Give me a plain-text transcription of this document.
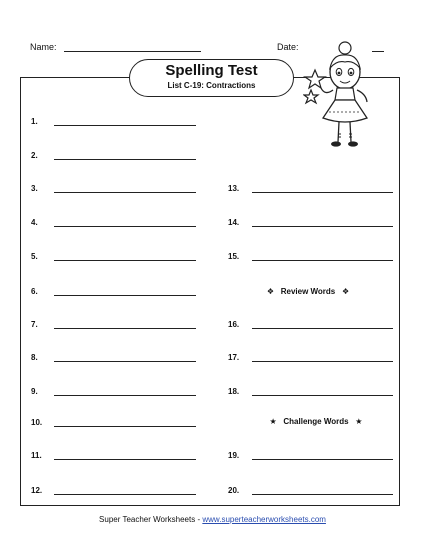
Name:	Date:
Spelling Test
List C-19: Contractions
1.
2.
3.
4.
5.
6.
7.
8.
9.
10.
11.
12.
13.
14.
15.
❖ Review Words ❖
16.
17.
18.
★ Challenge Words ★
19.
20.
Super Teacher Worksheets - www.superteacherworksheets.com
